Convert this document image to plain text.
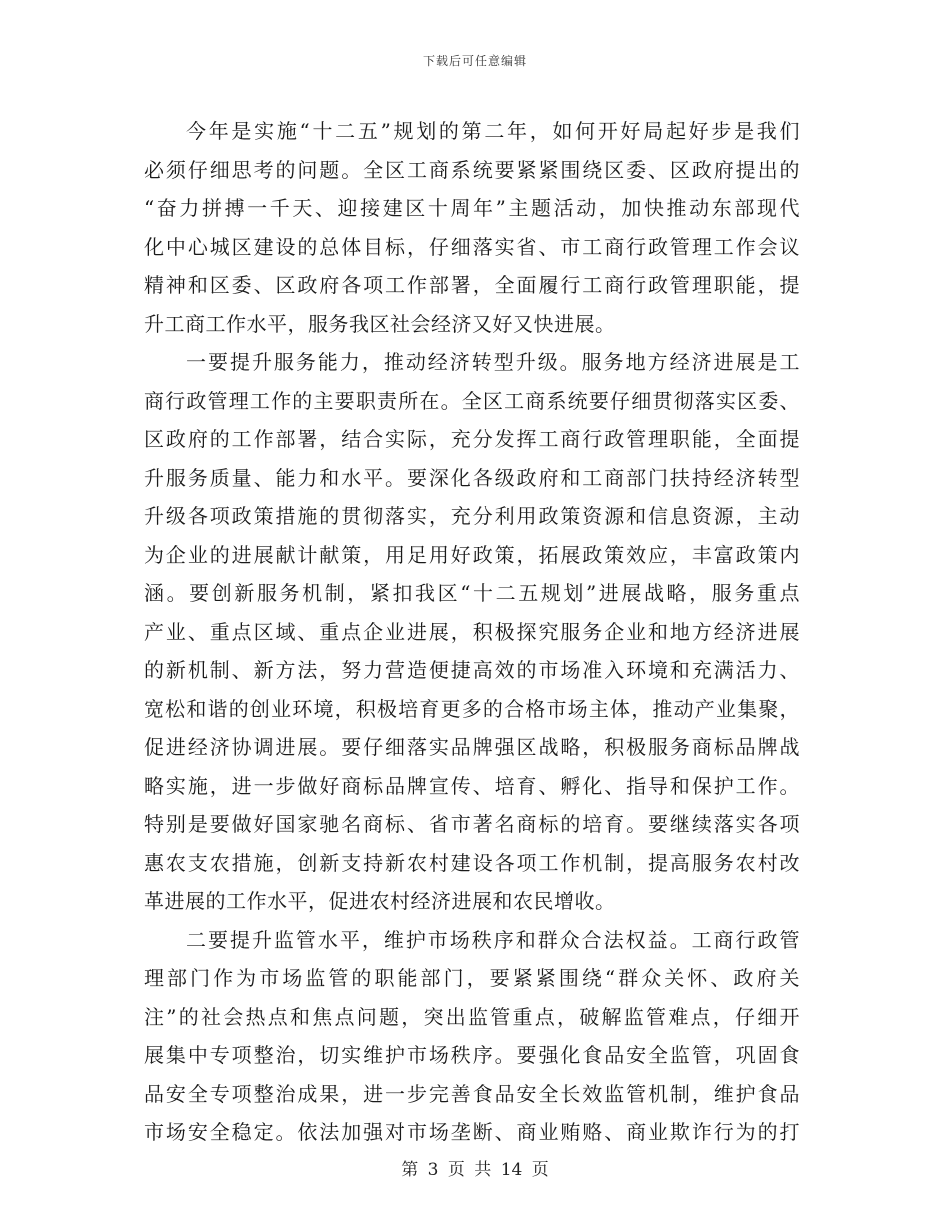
下载后可任意编辑
今年是实施“十二五”规划的第二年，如何开好局起好步是我们
必须仔细思考的问题。全区工商系统要紧紧围绕区委、区政府提出的
“奋力拼搏一千天、迎接建区十周年”主题活动，加快推动东部现代
化中心城区建设的总体目标，仔细落实省、市工商行政管理工作会议
精神和区委、区政府各项工作部署，全面履行工商行政管理职能，提
升工商工作水平，服务我区社会经济又好又快进展。
一要提升服务能力，推动经济转型升级。服务地方经济进展是工
商行政管理工作的主要职责所在。全区工商系统要仔细贯彻落实区委、
区政府的工作部署，结合实际，充分发挥工商行政管理职能，全面提
升服务质量、能力和水平。要深化各级政府和工商部门扶持经济转型
升级各项政策措施的贯彻落实，充分利用政策资源和信息资源，主动
为企业的进展献计献策，用足用好政策，拓展政策效应，丰富政策内
涵。要创新服务机制，紧扣我区“十二五规划”进展战略，服务重点
产业、重点区域、重点企业进展，积极探究服务企业和地方经济进展
的新机制、新方法，努力营造便捷高效的市场准入环境和充满活力、
宽松和谐的创业环境，积极培育更多的合格市场主体，推动产业集聚，
促进经济协调进展。要仔细落实品牌强区战略，积极服务商标品牌战
略实施，进一步做好商标品牌宣传、培育、孵化、指导和保护工作。
特别是要做好国家驰名商标、省市著名商标的培育。要继续落实各项
惠农支农措施，创新支持新农村建设各项工作机制，提高服务农村改
革进展的工作水平，促进农村经济进展和农民增收。
二要提升监管水平，维护市场秩序和群众合法权益。工商行政管
理部门作为市场监管的职能部门，要紧紧围绕“群众关怀、政府关
注”的社会热点和焦点问题，突出监管重点，破解监管难点，仔细开
展集中专项整治，切实维护市场秩序。要强化食品安全监管，巩固食
品安全专项整治成果，进一步完善食品安全长效监管机制，维护食品
市场安全稳定。依法加强对市场垄断、商业贿赂、商业欺诈行为的打
第 3 页 共 14 页
